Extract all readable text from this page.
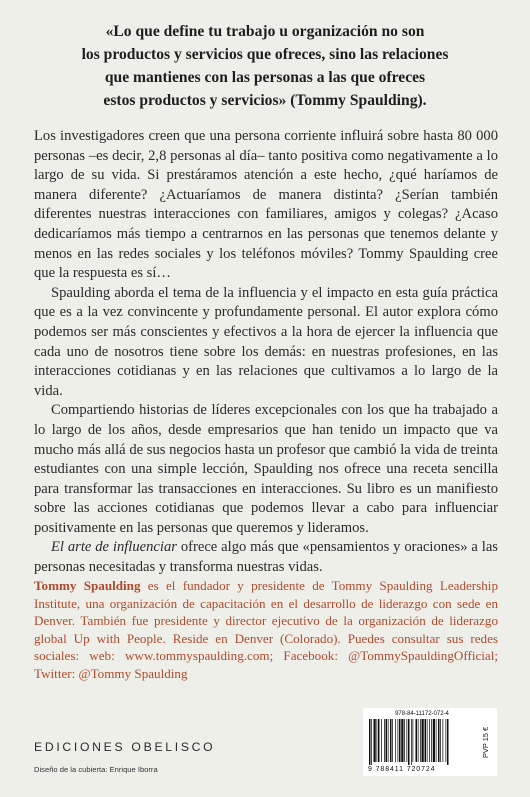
«Lo que define tu trabajo u organización no son
los productos y servicios que ofreces, sino las relaciones
que mantienes con las personas a las que ofreces
estos productos y servicios» (Tommy Spaulding).

Los investigadores creen que una persona corriente influirá sobre hasta 80 000 personas –es decir, 2,8 personas al día– tanto positiva como negativamente a lo largo de su vida. Si prestáramos atención a este hecho, ¿qué haríamos de manera diferente? ¿Actuaríamos de manera distinta? ¿Serían también diferentes nuestras interacciones con familiares, amigos y colegas? ¿Acaso dedicaríamos más tiempo a centrarnos en las personas que tenemos delante y menos en las redes sociales y los teléfonos móviles? Tommy Spaulding cree que la respuesta es sí…

Spaulding aborda el tema de la influencia y el impacto en esta guía práctica que es a la vez convincente y profundamente personal. El autor explora cómo podemos ser más conscientes y efectivos a la hora de ejercer la influencia que cada uno de nosotros tiene sobre los demás: en nuestras profesiones, en las interacciones cotidianas y en las relaciones que cultivamos a lo largo de la vida.

Compartiendo historias de líderes excepcionales con los que ha trabajado a lo largo de los años, desde empresarios que han tenido un impacto que va mucho más allá de sus negocios hasta un profesor que cambió la vida de treinta estudiantes con una simple lección, Spaulding nos ofrece una receta sencilla para transformar las transacciones en interacciones. Su libro es un manifiesto sobre las acciones cotidianas que podemos llevar a cabo para influenciar positivamente en las personas que queremos y lideramos.

El arte de influenciar ofrece algo más que «pensamientos y oraciones» a las personas necesitadas y transforma nuestras vidas.

Tommy Spaulding es el fundador y presidente de Tommy Spaulding Leadership Institute, una organización de capacitación en el desarrollo de liderazgo con sede en Denver. También fue presidente y director ejecutivo de la organización de liderazgo global Up with People. Reside en Denver (Colorado). Puedes consultar sus redes sociales: web: www.tommyspaulding.com; Facebook: @TommySpauldingOfficial; Twitter: @Tommy Spaulding
EDICIONES OBELISCO
Diseño de la cubierta: Enrique Iborra
978-84-11172-072-4
9 788411 720724
PVP 15 €
